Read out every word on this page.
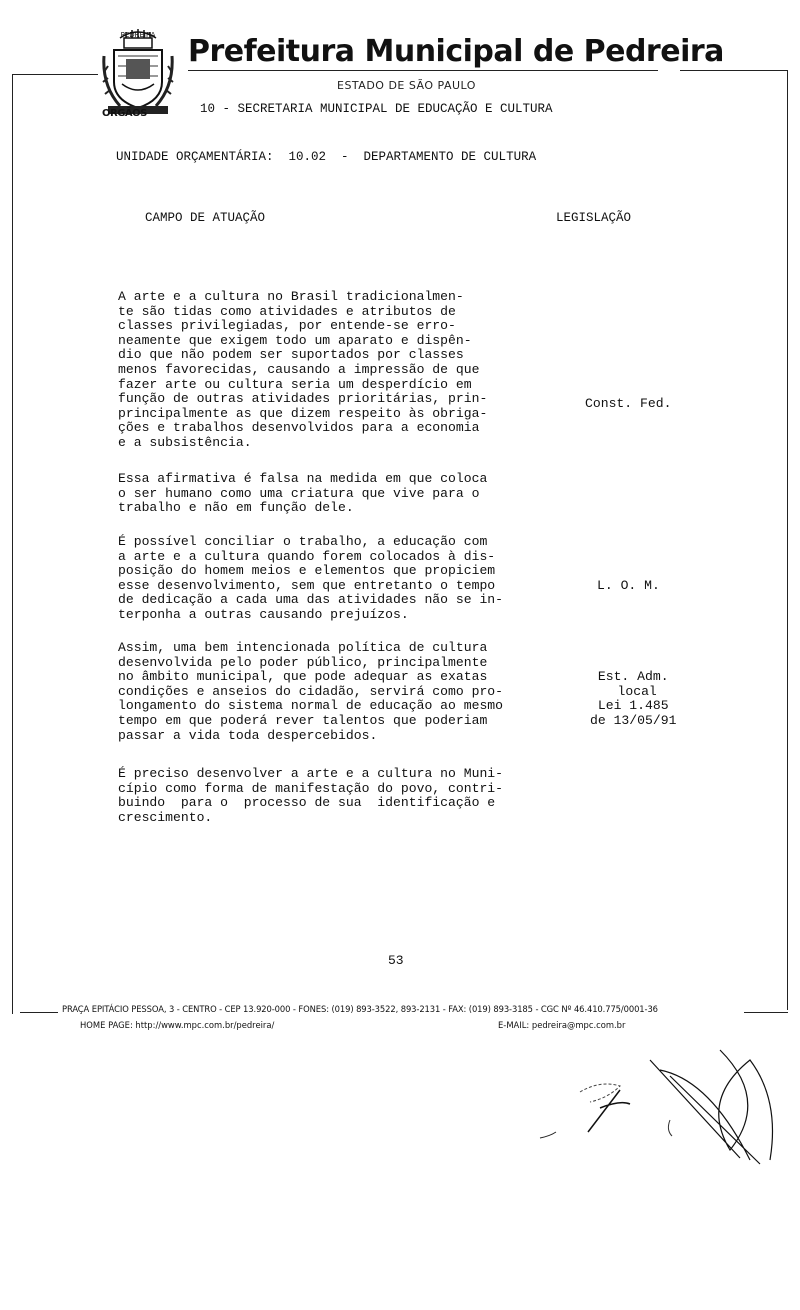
PEDREIRA
ORGÃOS
Prefeitura Municipal de Pedreira
ESTADO DE SÃO PAULO
10 - SECRETARIA MUNICIPAL DE EDUCAÇÃO E CULTURA
UNIDADE ORÇAMENTÁRIA:  10.02  -  DEPARTAMENTO DE CULTURA
CAMPO DE ATUAÇÃO	LEGISLAÇÃO
A arte e a cultura no Brasil tradicionalmen-
te são tidas como atividades e atributos de
classes privilegiadas, por entende-se erro-
neamente que exigem todo um aparato e dispên-
dio que não podem ser suportados por classes
menos favorecidas, causando a impressão de que
fazer arte ou cultura seria um desperdício em
função de outras atividades prioritárias, prin-
principalmente as que dizem respeito às obriga-
ções e trabalhos desenvolvidos para a economia
e a subsistência.
Essa afirmativa é falsa na medida em que coloca
o ser humano como uma criatura que vive para o
trabalho e não em função dele.
É possível conciliar o trabalho, a educação com
a arte e a cultura quando forem colocados à dis-
posição do homem meios e elementos que propiciem
esse desenvolvimento, sem que entretanto o tempo
de dedicação a cada uma das atividades não se in-
terponha a outras causando prejuízos.
Assim, uma bem intencionada política de cultura
desenvolvida pelo poder público, principalmente
no âmbito municipal, que pode adequar as exatas
condições e anseios do cidadão, servirá como pro-
longamento do sistema normal de educação ao mesmo
tempo em que poderá rever talentos que poderiam
passar a vida toda despercebidos.
É preciso desenvolver a arte e a cultura no Muni-
cípio como forma de manifestação do povo, contri-
buindo  para o  processo de sua  identificação e
crescimento.
Const. Fed.
L. O. M.
Est. Adm.
local
Lei 1.485
de 13/05/91
53
PRAÇA EPITÁCIO PESSOA, 3 - CENTRO - CEP 13.920-000 - FONES: (019) 893-3522, 893-2131 - FAX: (019) 893-3185 - CGC Nº 46.410.775/0001-36
HOME PAGE: http://www.mpc.com.br/pedreira/	E-MAIL: pedreira@mpc.com.br
